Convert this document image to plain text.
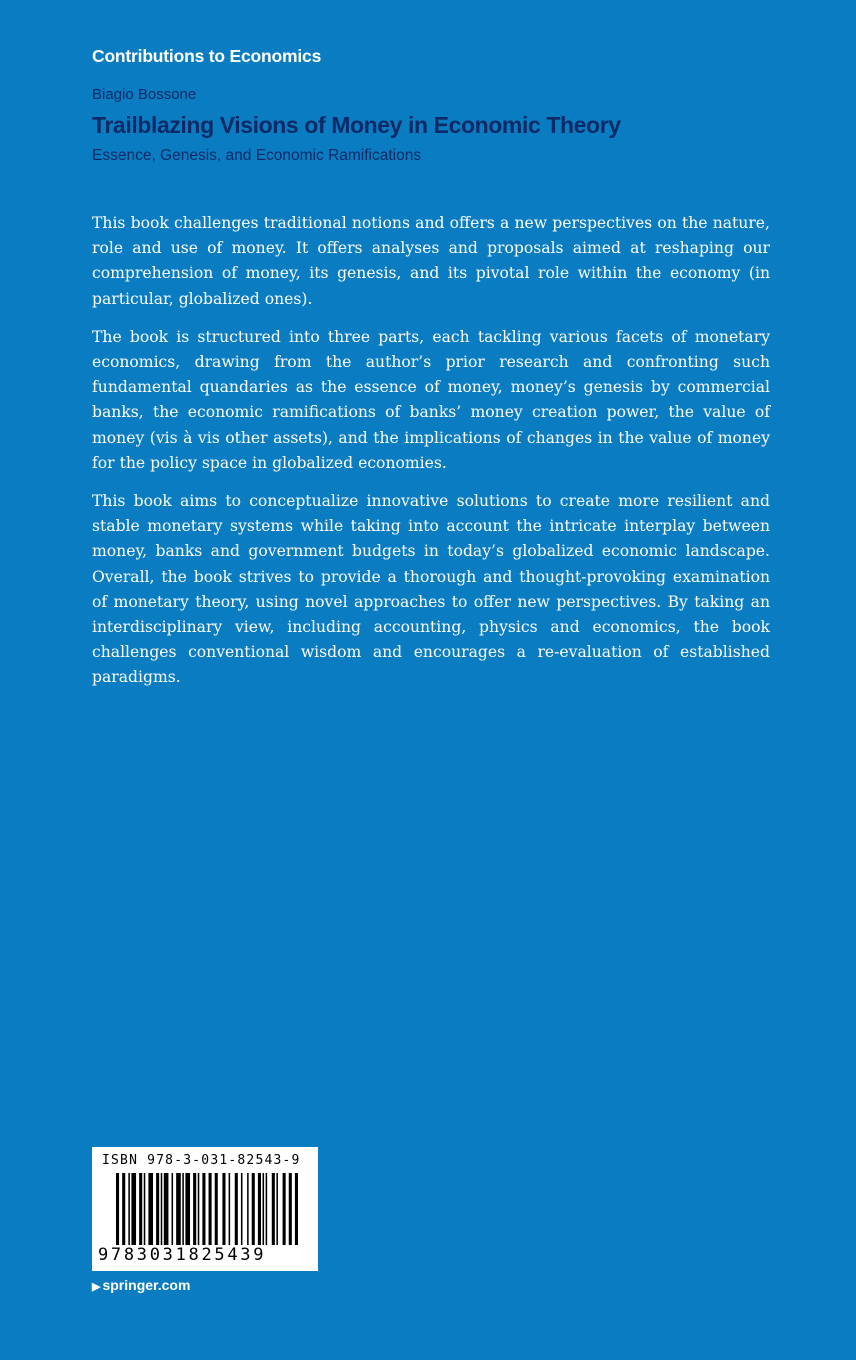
Contributions to Economics
Biagio Bossone
Trailblazing Visions of Money in Economic Theory
Essence, Genesis, and Economic Ramifications

This book challenges traditional notions and offers a new perspectives on the nature, role and use of money. It offers analyses and proposals aimed at reshaping our comprehension of money, its genesis, and its pivotal role within the economy (in particular, globalized ones).

The book is structured into three parts, each tackling various facets of monetary economics, drawing from the author’s prior research and confronting such fundamental quandaries as the essence of money, money’s genesis by commercial banks, the economic ramifications of banks’ money creation power, the value of money (vis à vis other assets), and the implications of changes in the value of money for the policy space in globalized economies.

This book aims to conceptualize innovative solutions to create more resilient and stable monetary systems while taking into account the intricate interplay between money, banks and government budgets in today’s globalized economic landscape. Overall, the book strives to provide a thorough and thought-provoking examination of monetary theory, using novel approaches to offer new perspectives. By taking an interdisciplinary view, including accounting, physics and economics, the book challenges conventional wisdom and encourages a re-evaluation of established paradigms.

ISBN 978-3-031-82543-9
9783031825439
▶ springer.com
